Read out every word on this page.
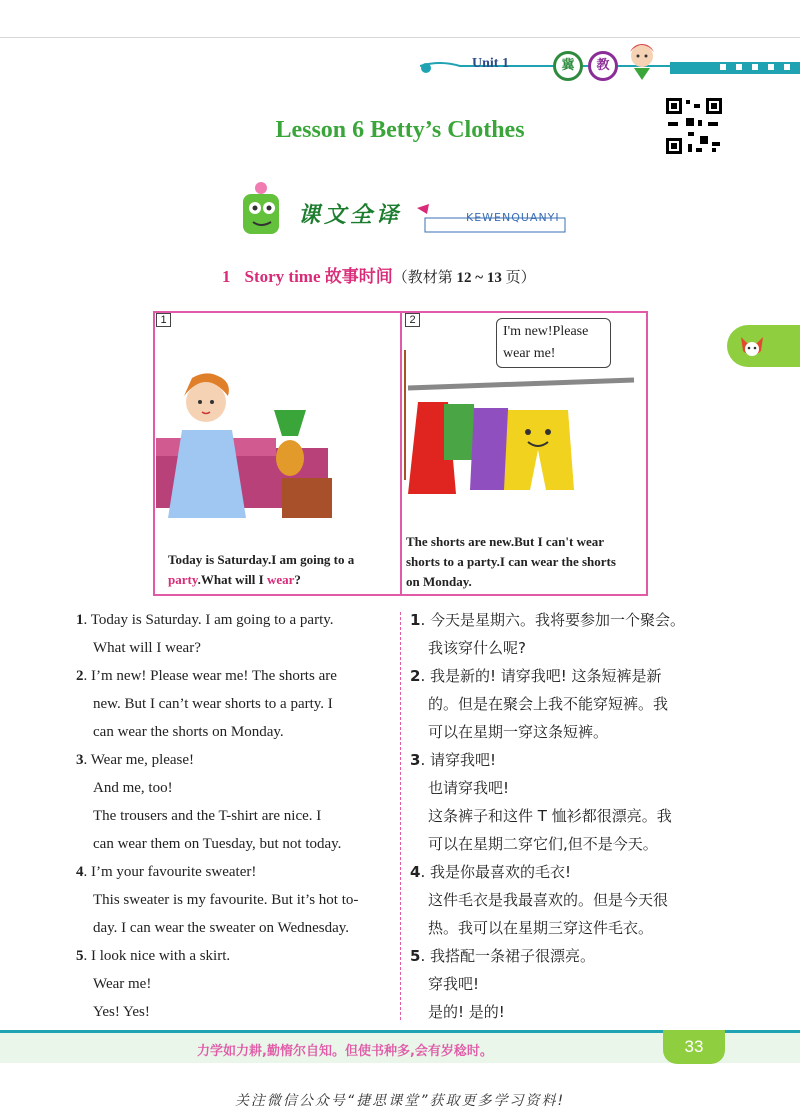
Unit 1	冀	教
Lesson 6 Betty’s Clothes
课文全译	KEWENQUANYI
1 Story time 故事时间（教材第 12 ~ 13 页）
1	2
Today is Saturday.I am going to a party.What will I wear?
I'm new!Please
wear me!
The shorts are new.But I can't wear
shorts to a party.I can wear the shorts
on Monday.
1. Today is Saturday. I am going to a party.
What will I wear?
2. I’m new! Please wear me! The shorts are
new. But I can’t wear shorts to a party. I
can wear the shorts on Monday.
3. Wear me, please!
And me, too!
The trousers and the T-shirt are nice. I
can wear them on Tuesday, but not today.
4. I’m your favourite sweater!
This sweater is my favourite. But it’s hot to-
day. I can wear the sweater on Wednesday.
5. I look nice with a skirt.
Wear me!
Yes! Yes!
1. 今天是星期六。我将要参加一个聚会。
我该穿什么呢?
2. 我是新的! 请穿我吧! 这条短裤是新
的。但是在聚会上我不能穿短裤。我
可以在星期一穿这条短裤。
3. 请穿我吧!
也请穿我吧!
这条裤子和这件 T 恤衫都很漂亮。我
可以在星期二穿它们,但不是今天。
4. 我是你最喜欢的毛衣!
这件毛衣是我最喜欢的。但是今天很
热。我可以在星期三穿这件毛衣。
5. 我搭配一条裙子很漂亮。
穿我吧!
是的! 是的!
力学如力耕,勤惰尔自知。但使书种多,会有岁稔时。	33
关注微信公众号“捷思课堂”获取更多学习资料!
